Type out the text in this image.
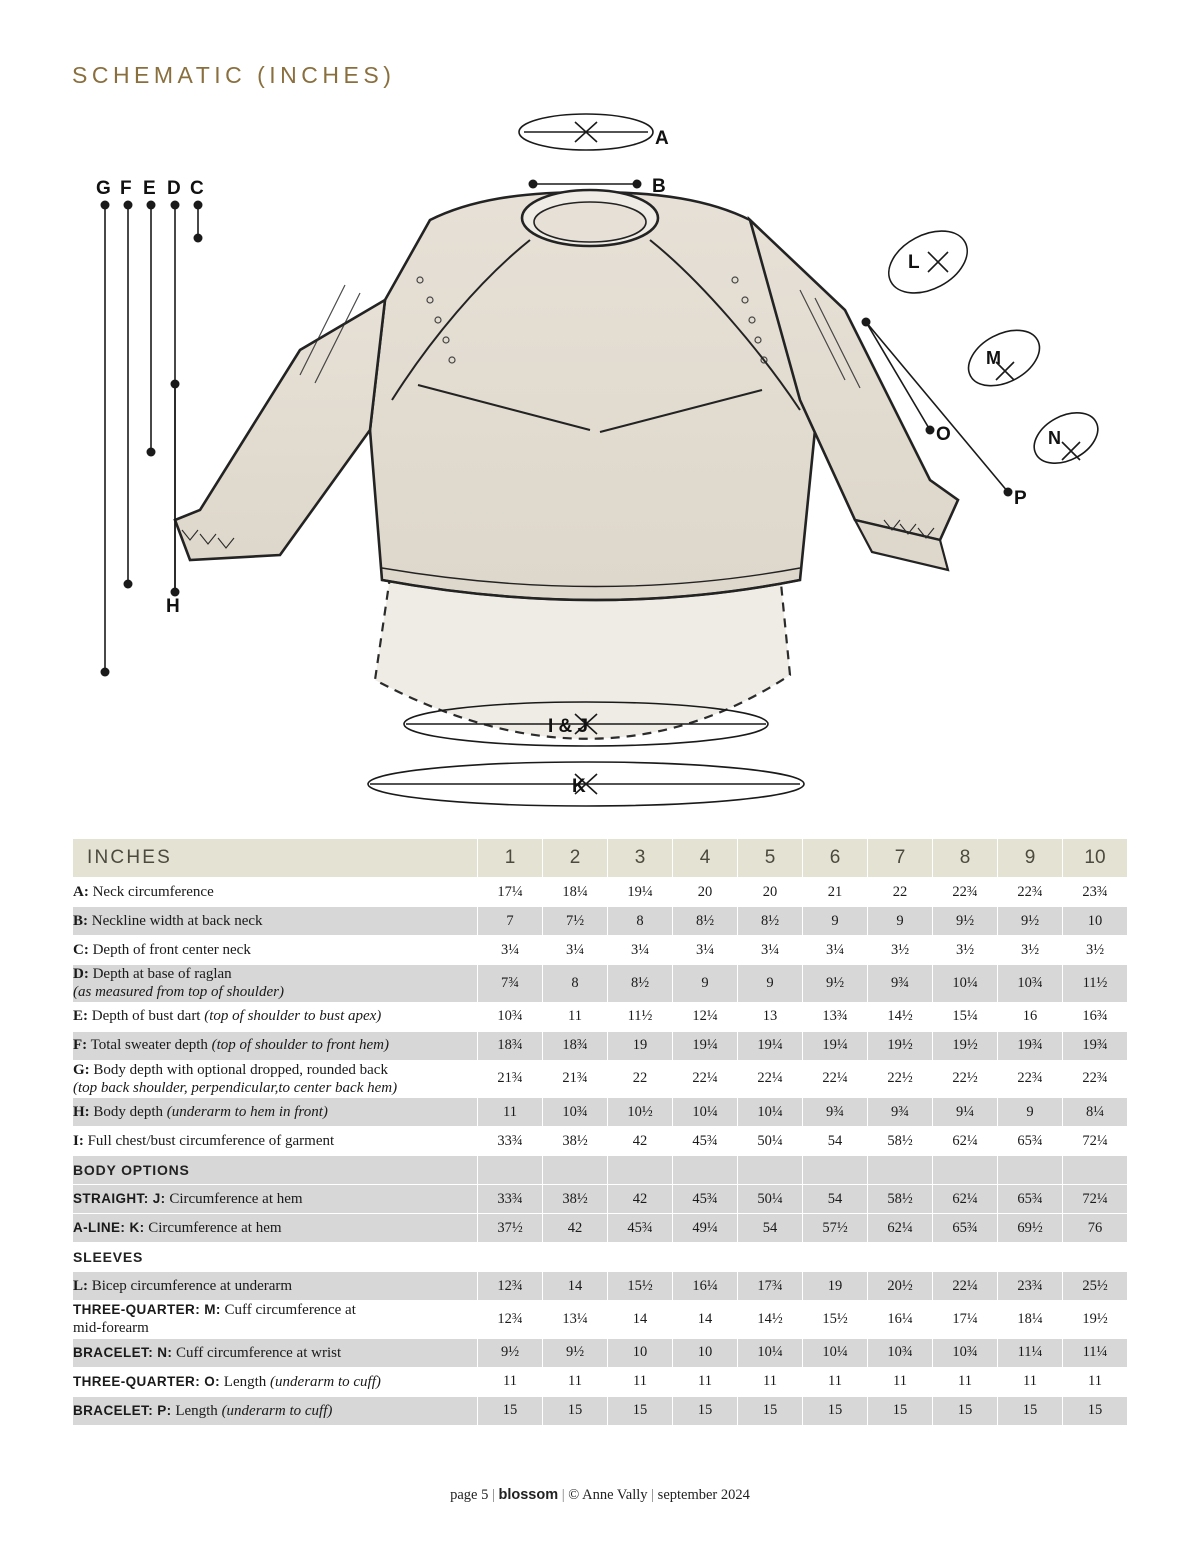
SCHEMATIC (INCHES)
A
B
G F E D C
H
I & J
K
L
M
N
O
P
INCHES	1	2	3	4	5	6	7	8	9	10
A: Neck circumference	17¼	18¼	19¼	20	20	21	22	22¾	22¾	23¾
B: Neckline width at back neck	7	7½	8	8½	8½	9	9	9½	9½	10
C: Depth of front center neck	3¼	3¼	3¼	3¼	3¼	3¼	3½	3½	3½	3½
D: Depth at base of raglan
(as measured from top of shoulder)	7¾	8	8½	9	9	9½	9¾	10¼	10¾	11½
E: Depth of bust dart (top of shoulder to bust apex)	10¾	11	11½	12¼	13	13¾	14½	15¼	16	16¾
F: Total sweater depth (top of shoulder to front hem)	18¾	18¾	19	19¼	19¼	19¼	19½	19½	19¾	19¾
G: Body depth with optional dropped, rounded back
(top back shoulder, perpendicular,to center back hem)	21¾	21¾	22	22¼	22¼	22¼	22½	22½	22¾	22¾
H: Body depth (underarm to hem in front)	11	10¾	10½	10¼	10¼	9¾	9¾	9¼	9	8¼
I: Full chest/bust circumference of garment	33¾	38½	42	45¾	50¼	54	58½	62¼	65¾	72¼
BODY OPTIONS										
STRAIGHT: J: Circumference at hem	33¾	38½	42	45¾	50¼	54	58½	62¼	65¾	72¼
A-LINE: K: Circumference at hem	37½	42	45¾	49¼	54	57½	62¼	65¾	69½	76
SLEEVES										
L: Bicep circumference at underarm	12¾	14	15½	16¼	17¾	19	20½	22¼	23¾	25½
THREE-QUARTER: M: Cuff circumference at
mid-forearm	12¾	13¼	14	14	14½	15½	16¼	17¼	18¼	19½
BRACELET: N: Cuff circumference at wrist	9½	9½	10	10	10¼	10¼	10¾	10¾	11¼	11¼
THREE-QUARTER: O: Length (underarm to cuff)	11	11	11	11	11	11	11	11	11	11
BRACELET: P: Length (underarm to cuff)	15	15	15	15	15	15	15	15	15	15
page 5 | blossom | © Anne Vally | september 2024
